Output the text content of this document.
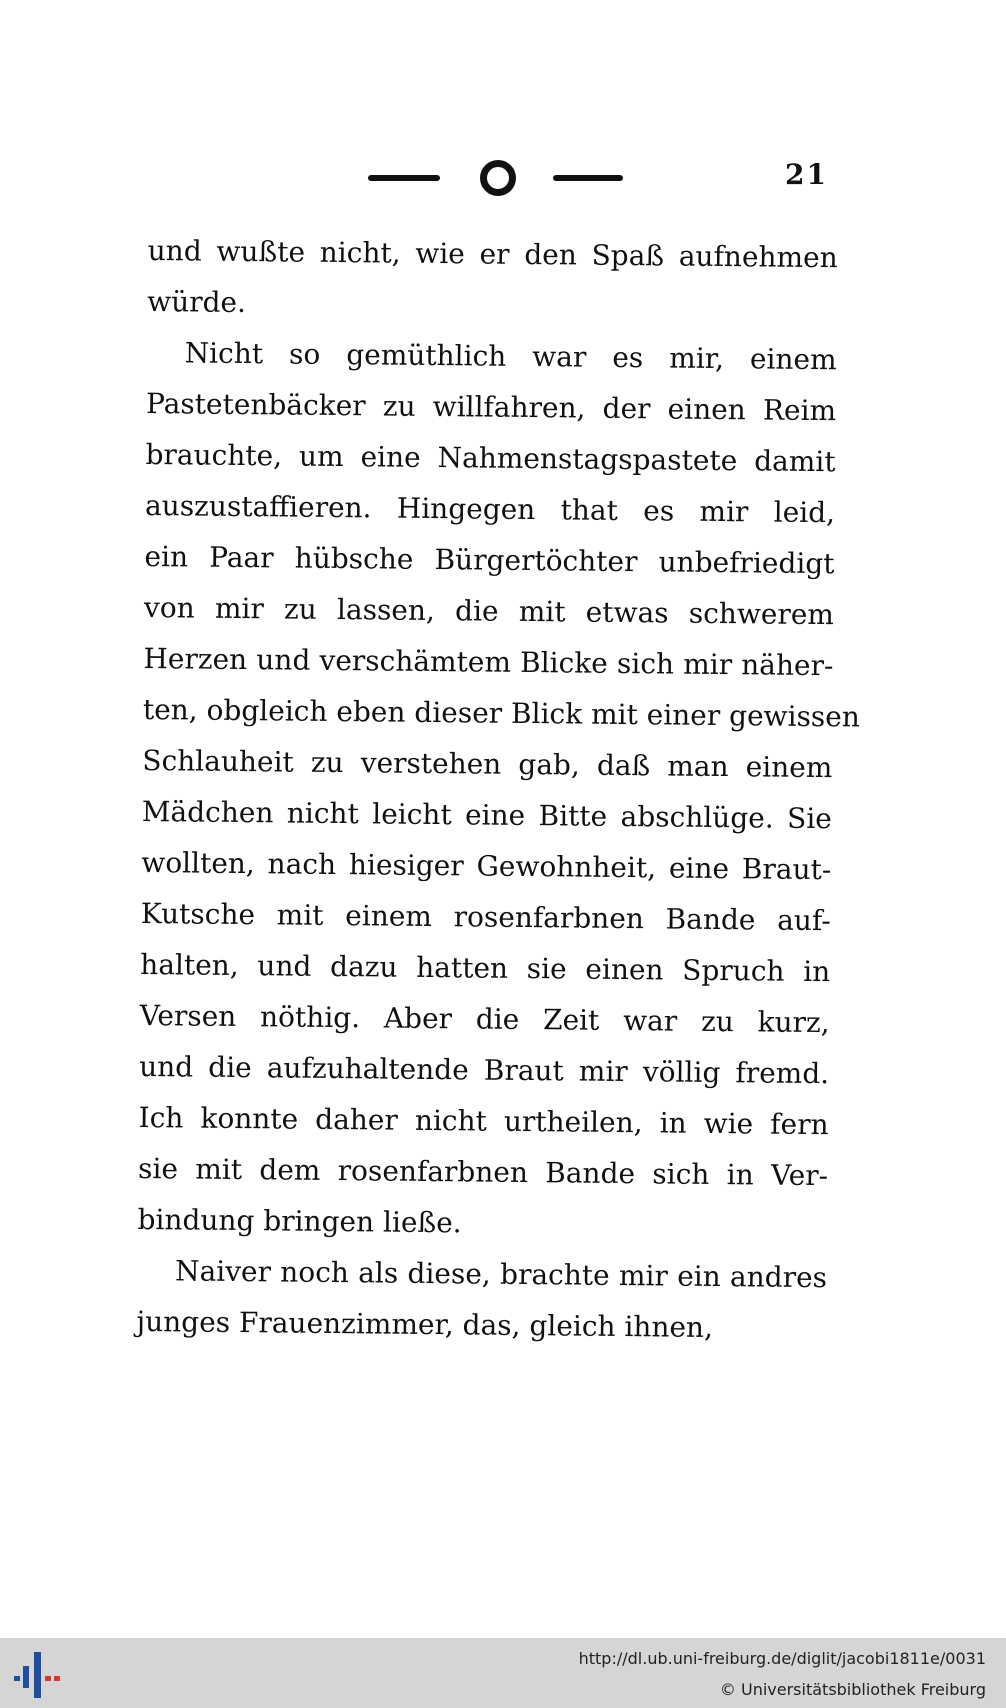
21
und wußte nicht, wie er den Spaß aufnehmen
würde.
Nicht so gemüthlich war es mir, einem
Pastetenbäcker zu willfahren, der einen Reim
brauchte, um eine Nahmenstagspastete damit
auszustaffieren. Hingegen that es mir leid,
ein Paar hübsche Bürgertöchter unbefriedigt
von mir zu lassen, die mit etwas schwerem
Herzen und verschämtem Blicke sich mir näher-
ten, obgleich eben dieser Blick mit einer gewissen
Schlauheit zu verstehen gab, daß man einem
Mädchen nicht leicht eine Bitte abschlüge. Sie
wollten, nach hiesiger Gewohnheit, eine Braut-
Kutsche mit einem rosenfarbnen Bande auf-
halten, und dazu hatten sie einen Spruch in
Versen nöthig. Aber die Zeit war zu kurz,
und die aufzuhaltende Braut mir völlig fremd.
Ich konnte daher nicht urtheilen, in wie fern
sie mit dem rosenfarbnen Bande sich in Ver-
bindung bringen ließe.
Naiver noch als diese, brachte mir ein andres
junges Frauenzimmer, das, gleich ihnen,
http://dl.ub.uni-freiburg.de/diglit/jacobi1811e/0031
© Universitätsbibliothek Freiburg
